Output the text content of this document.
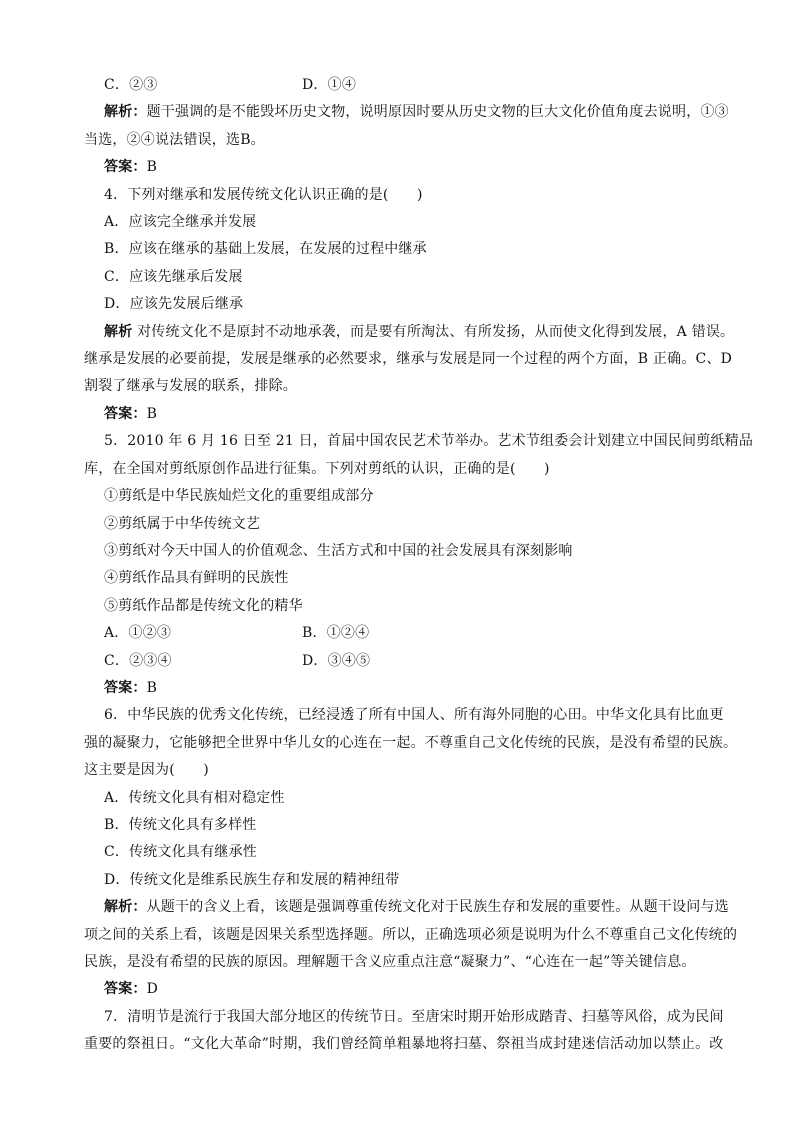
C．②③	D．①④
解析：题干强调的是不能毁坏历史文物，说明原因时要从历史文物的巨大文化价值角度去说明，①③
当选，②④说法错误，选B。
答案：B
4．下列对继承和发展传统文化认识正确的是(　　)
A．应该完全继承并发展
B．应该在继承的基础上发展，在发展的过程中继承
C．应该先继承后发展
D．应该先发展后继承
解析 对传统文化不是原封不动地承袭，而是要有所淘汰、有所发扬，从而使文化得到发展，A 错误。
继承是发展的必要前提，发展是继承的必然要求，继承与发展是同一个过程的两个方面，B 正确。C、D
割裂了继承与发展的联系，排除。
答案：B
5．2010 年 6 月 16 日至 21 日，首届中国农民艺术节举办。艺术节组委会计划建立中国民间剪纸精品
库，在全国对剪纸原创作品进行征集。下列对剪纸的认识，正确的是(　　)
①剪纸是中华民族灿烂文化的重要组成部分
②剪纸属于中华传统文艺
③剪纸对今天中国人的价值观念、生活方式和中国的社会发展具有深刻影响
④剪纸作品具有鲜明的民族性
⑤剪纸作品都是传统文化的精华
A．①②③	B．①②④
C．②③④	D．③④⑤
答案：B
6．中华民族的优秀文化传统，已经浸透了所有中国人、所有海外同胞的心田。中华文化具有比血更
强的凝聚力，它能够把全世界中华儿女的心连在一起。不尊重自己文化传统的民族，是没有希望的民族。
这主要是因为(　　)
A．传统文化具有相对稳定性
B．传统文化具有多样性
C．传统文化具有继承性
D．传统文化是维系民族生存和发展的精神纽带
解析：从题干的含义上看，该题是强调尊重传统文化对于民族生存和发展的重要性。从题干设问与选
项之间的关系上看，该题是因果关系型选择题。所以，正确选项必须是说明为什么不尊重自己文化传统的
民族，是没有希望的民族的原因。理解题干含义应重点注意“凝聚力”、“心连在一起”等关键信息。
答案：D
7．清明节是流行于我国大部分地区的传统节日。至唐宋时期开始形成踏青、扫墓等风俗，成为民间
重要的祭祖日。“文化大革命”时期，我们曾经简单粗暴地将扫墓、祭祖当成封建迷信活动加以禁止。改
